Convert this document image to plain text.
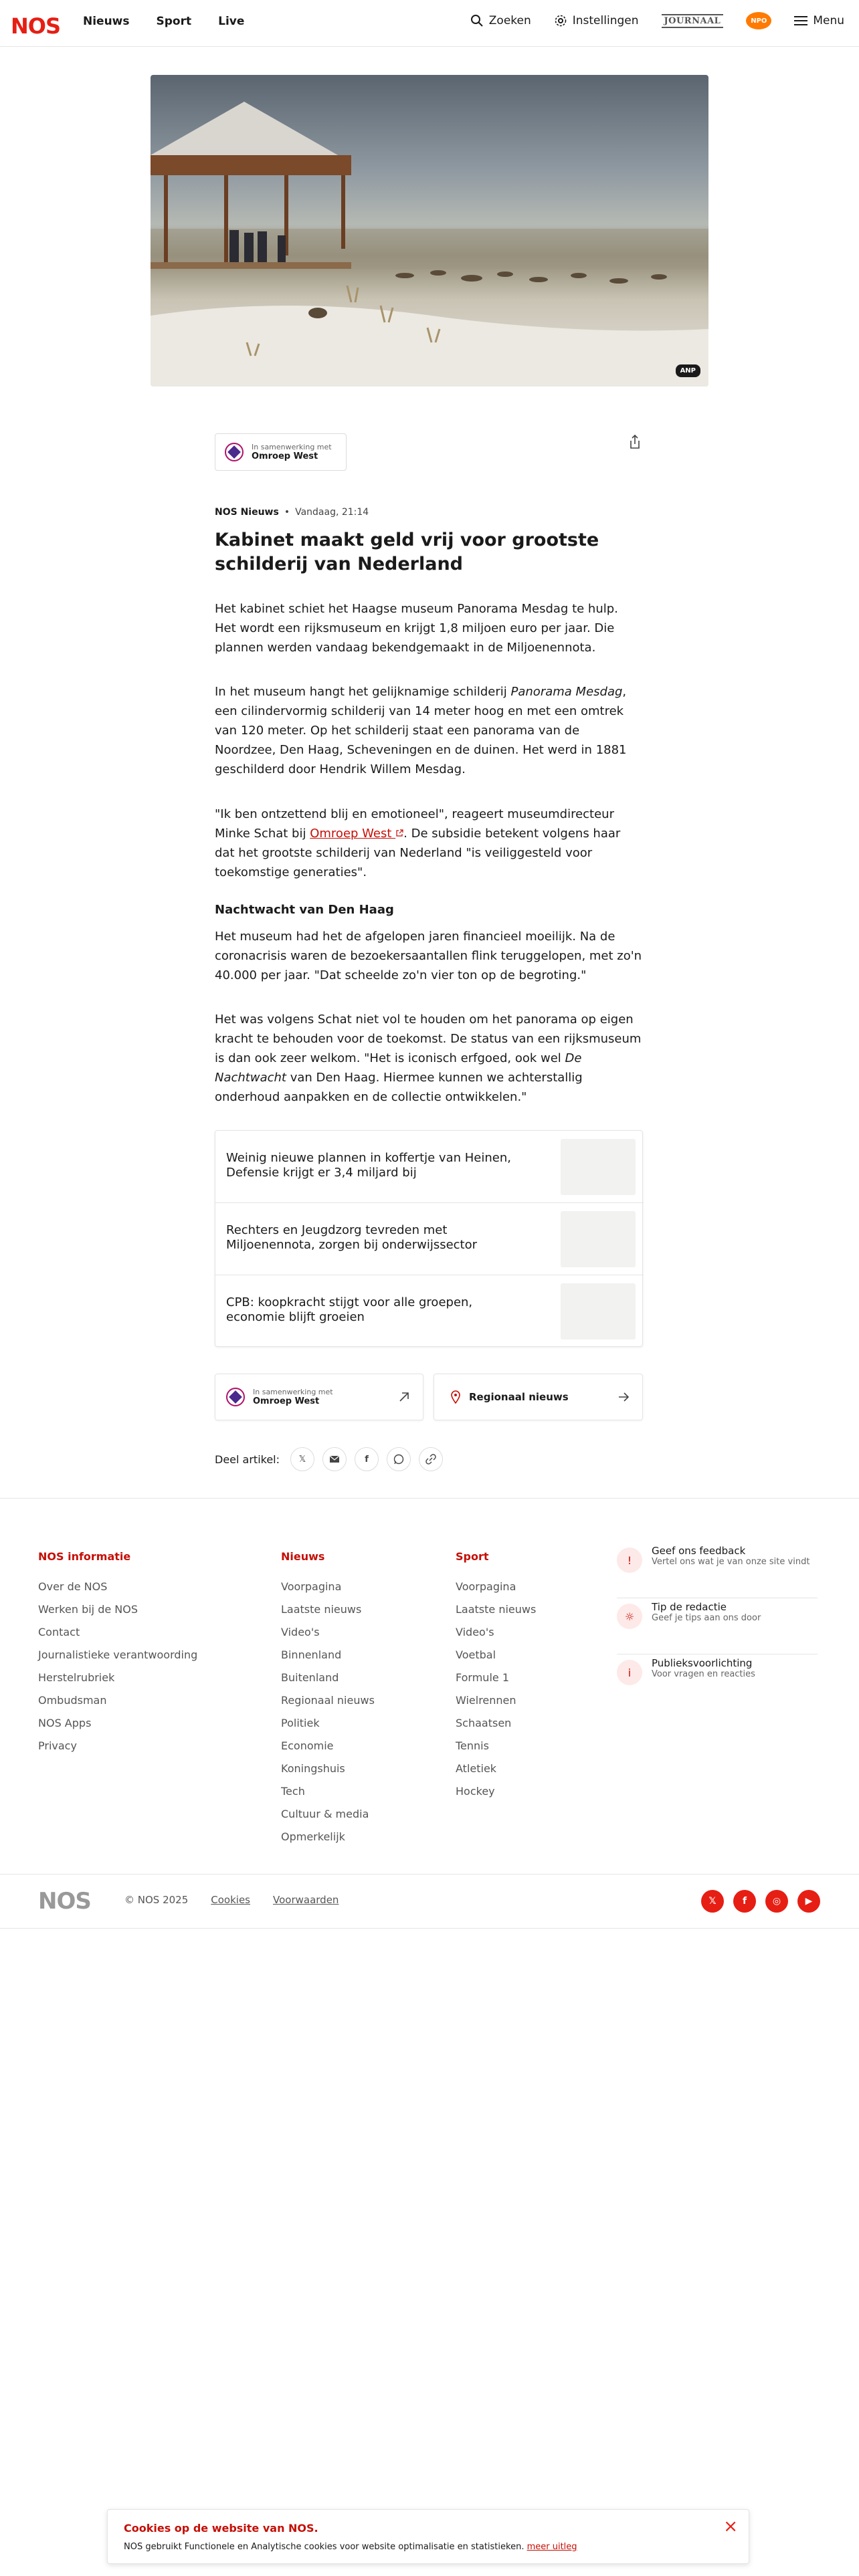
NOS Nieuws Sport Live	Zoeken	Instellingen	JOURNAAL	NPO	Menu
ANP
In samenwerking met
Omroep West
NOS Nieuws • Vandaag, 21:14
Kabinet maakt geld vrij voor grootste schilderij van Nederland

Het kabinet schiet het Haagse museum Panorama Mesdag te hulp. Het wordt een rijksmuseum en krijgt 1,8 miljoen euro per jaar. Die plannen werden vandaag bekendgemaakt in de Miljoenennota.

In het museum hangt het gelijknamige schilderij Panorama Mesdag, een cilindervormig schilderij van 14 meter hoog en met een omtrek van 120 meter. Op het schilderij staat een panorama van de Noordzee, Den Haag, Scheveningen en de duinen. Het werd in 1881 geschilderd door Hendrik Willem Mesdag.

"Ik ben ontzettend blij en emotioneel", reageert museumdirecteur Minke Schat bij Omroep West . De subsidie betekent volgens haar dat het grootste schilderij van Nederland "is veiliggesteld voor toekomstige generaties".

Nachtwacht van Den Haag

Het museum had het de afgelopen jaren financieel moeilijk. Na de coronacrisis waren de bezoekersaantallen flink teruggelopen, met zo'n 40.000 per jaar. "Dat scheelde zo'n vier ton op de begroting."

Het was volgens Schat niet vol te houden om het panorama op eigen kracht te behouden voor de toekomst. De status van een rijksmuseum is dan ook zeer welkom. "Het is iconisch erfgoed, ook wel De Nachtwacht van Den Haag. Hiermee kunnen we achterstallig onderhoud aanpakken en de collectie ontwikkelen."

Weinig nieuwe plannen in koffertje van Heinen, Defensie krijgt er 3,4 miljard bij
Rechters en Jeugdzorg tevreden met Miljoenennota, zorgen bij onderwijssector
CPB: koopkracht stijgt voor alle groepen, economie blijft groeien
In samenwerking met
Omroep West	Regionaal nieuws
Deel artikel: 𝕏	f
NOS informatie
Over de NOS
Werken bij de NOS
Contact
Journalistieke verantwoording
Herstelrubriek
Ombudsman
NOS Apps
Privacy
Nieuws
Voorpagina
Laatste nieuws
Video's
Binnenland
Buitenland
Regionaal nieuws
Politiek
Economie
Koningshuis
Tech
Cultuur & media
Opmerkelijk
Sport
Voorpagina
Laatste nieuws
Video's
Voetbal
Formule 1
Wielrennen
Schaatsen
Tennis
Atletiek
Hockey
!
Geef ons feedback
Vertel ons wat je van onze site vindt
☼
Tip de redactie
Geef je tips aan ons door
i
Publieksvoorlichting
Voor vragen en reacties
NOS	© NOS 2025 Cookies Voorwaarden	𝕏	f	◎	▶
Cookies op de website van NOS.

NOS gebruikt Functionele en Analytische cookies voor website optimalisatie en statistieken. meer uitleg

×
